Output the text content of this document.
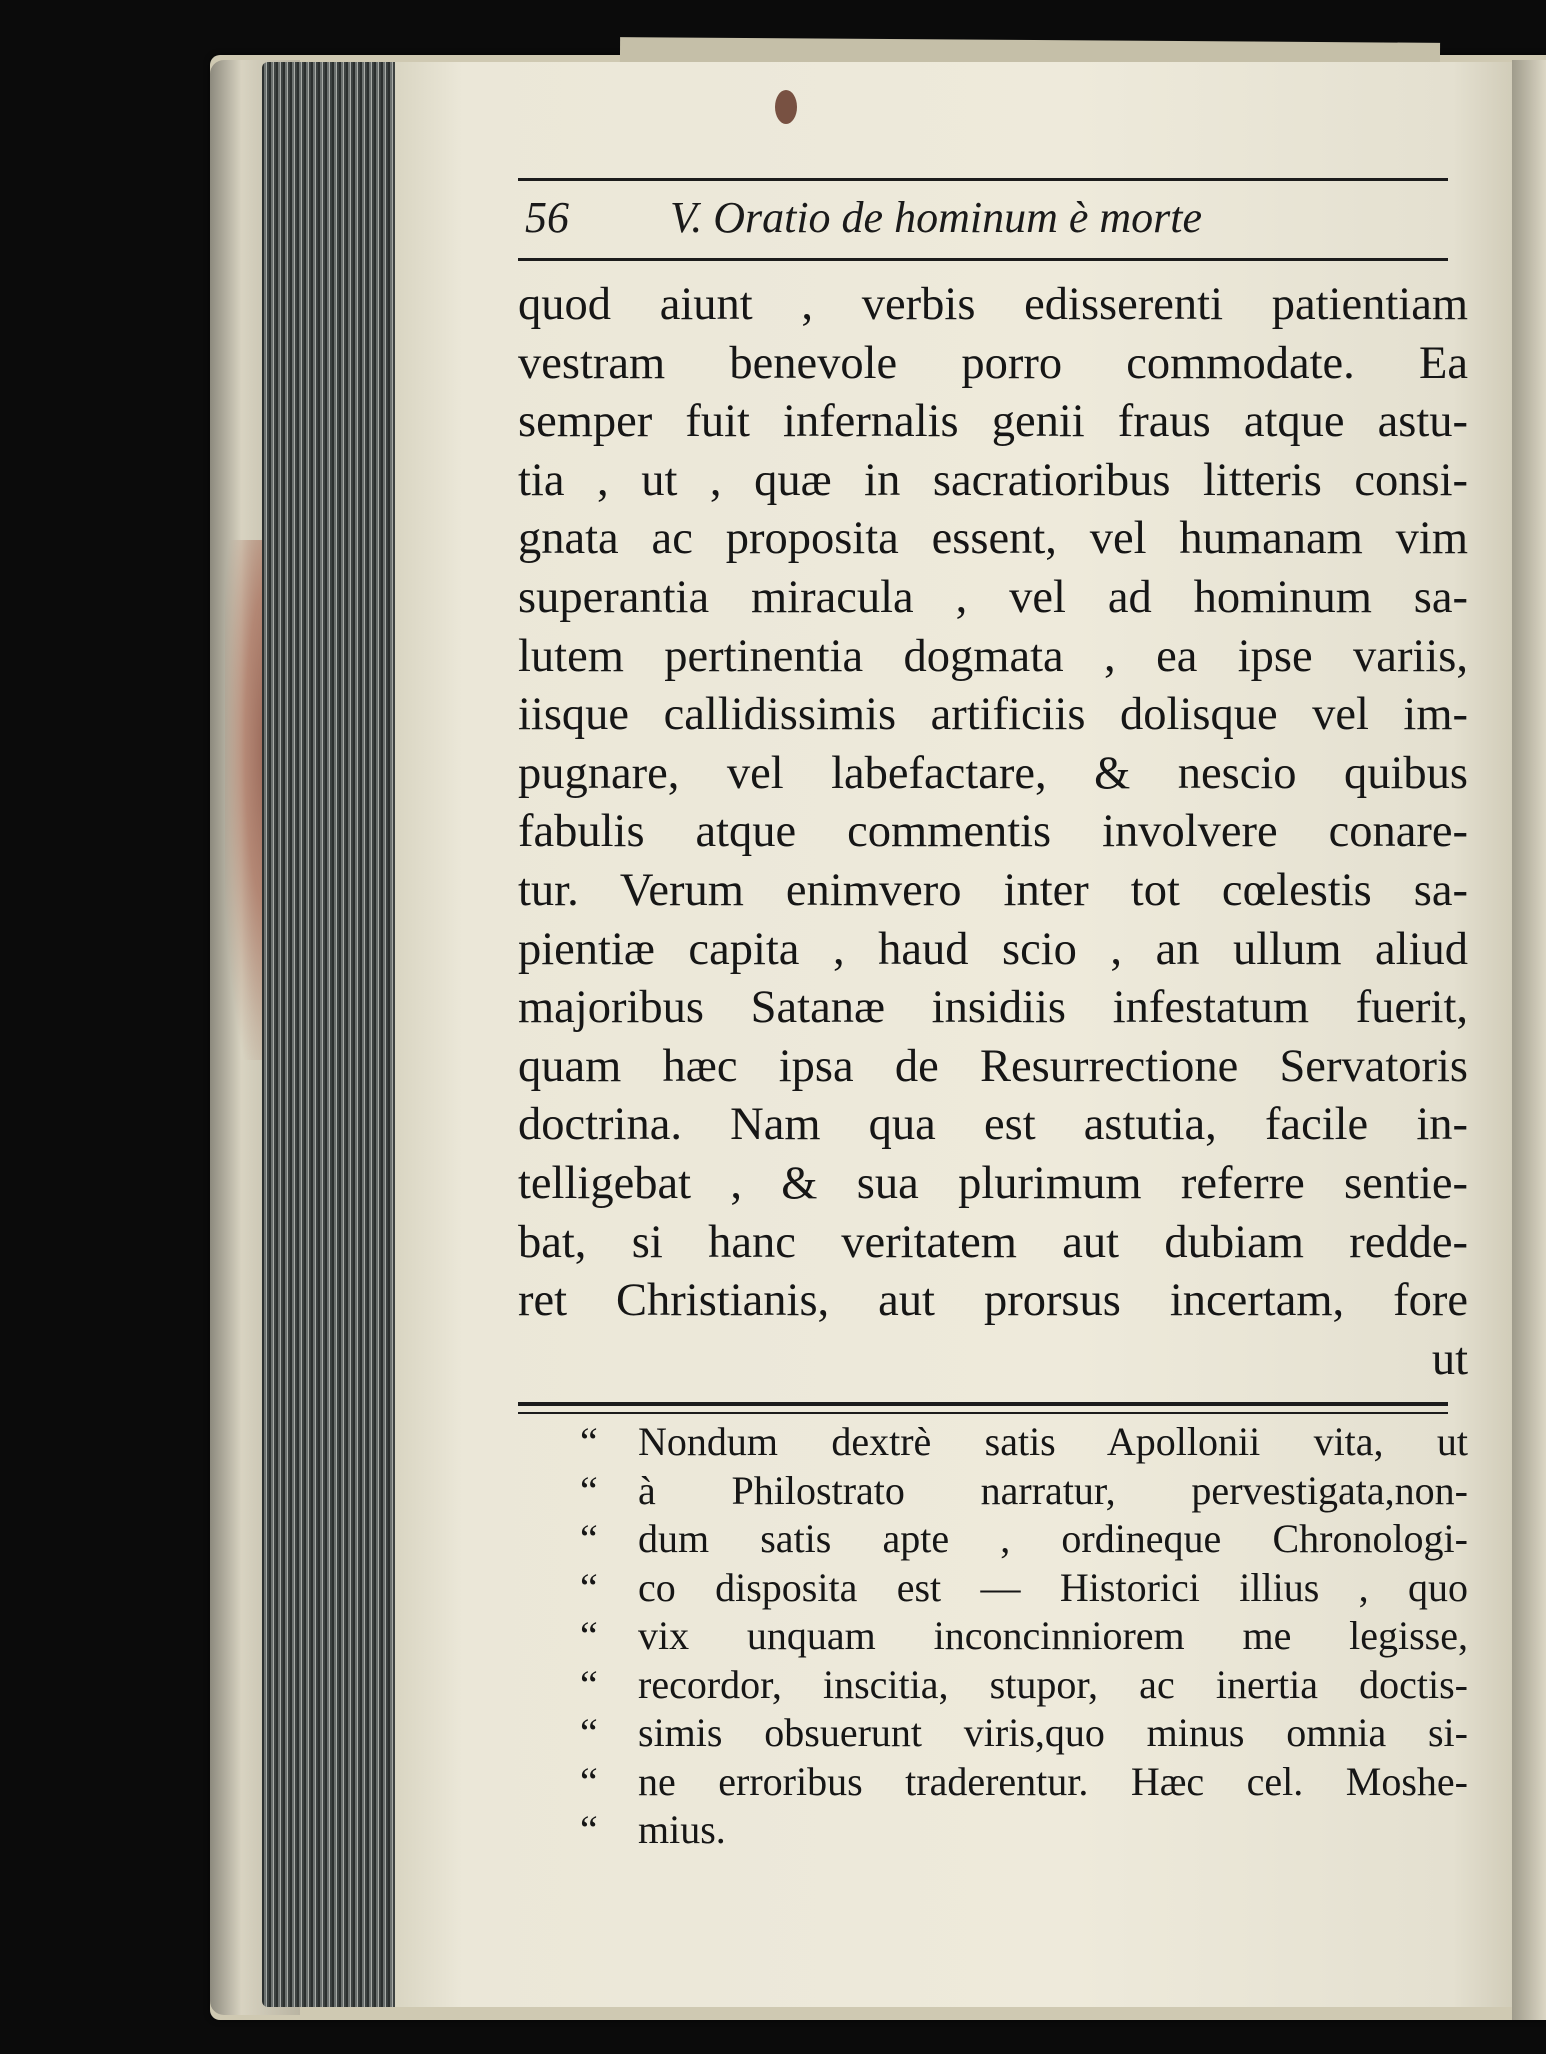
56 V. Oratio de hominum è morte
quod aiunt , verbis edisserenti patientiam
vestram benevole porro commodate. Ea
semper fuit infernalis genii fraus atque astu-
tia , ut , quæ in sacratioribus litteris consi-
gnata ac proposita essent, vel humanam vim
superantia miracula , vel ad hominum sa-
lutem pertinentia dogmata , ea ipse variis,
iisque callidissimis artificiis dolisque vel im-
pugnare, vel labefactare, & nescio quibus
fabulis atque commentis involvere conare-
tur. Verum enimvero inter tot cœlestis sa-
pientiæ capita , haud scio , an ullum aliud
majoribus Satanæ insidiis infestatum fuerit,
quam hæc ipsa de Resurrectione Servatoris
doctrina. Nam qua est astutia, facile in-
telligebat , & sua plurimum referre sentie-
bat, si hanc veritatem aut dubiam redde-
ret Christianis, aut prorsus incertam, fore
ut
“	Nondum dextrè satis Apollonii vita, ut
“	à Philostrato narratur, pervestigata,non-
“	dum satis apte , ordineque Chronologi-
“	co disposita est — Historici illius , quo
“	vix unquam inconcinniorem me legisse,
“	recordor, inscitia, stupor, ac inertia doctis-
“	simis obsuerunt viris,quo minus omnia si-
“	ne erroribus traderentur. Hæc cel. Moshe-
“	mius.
